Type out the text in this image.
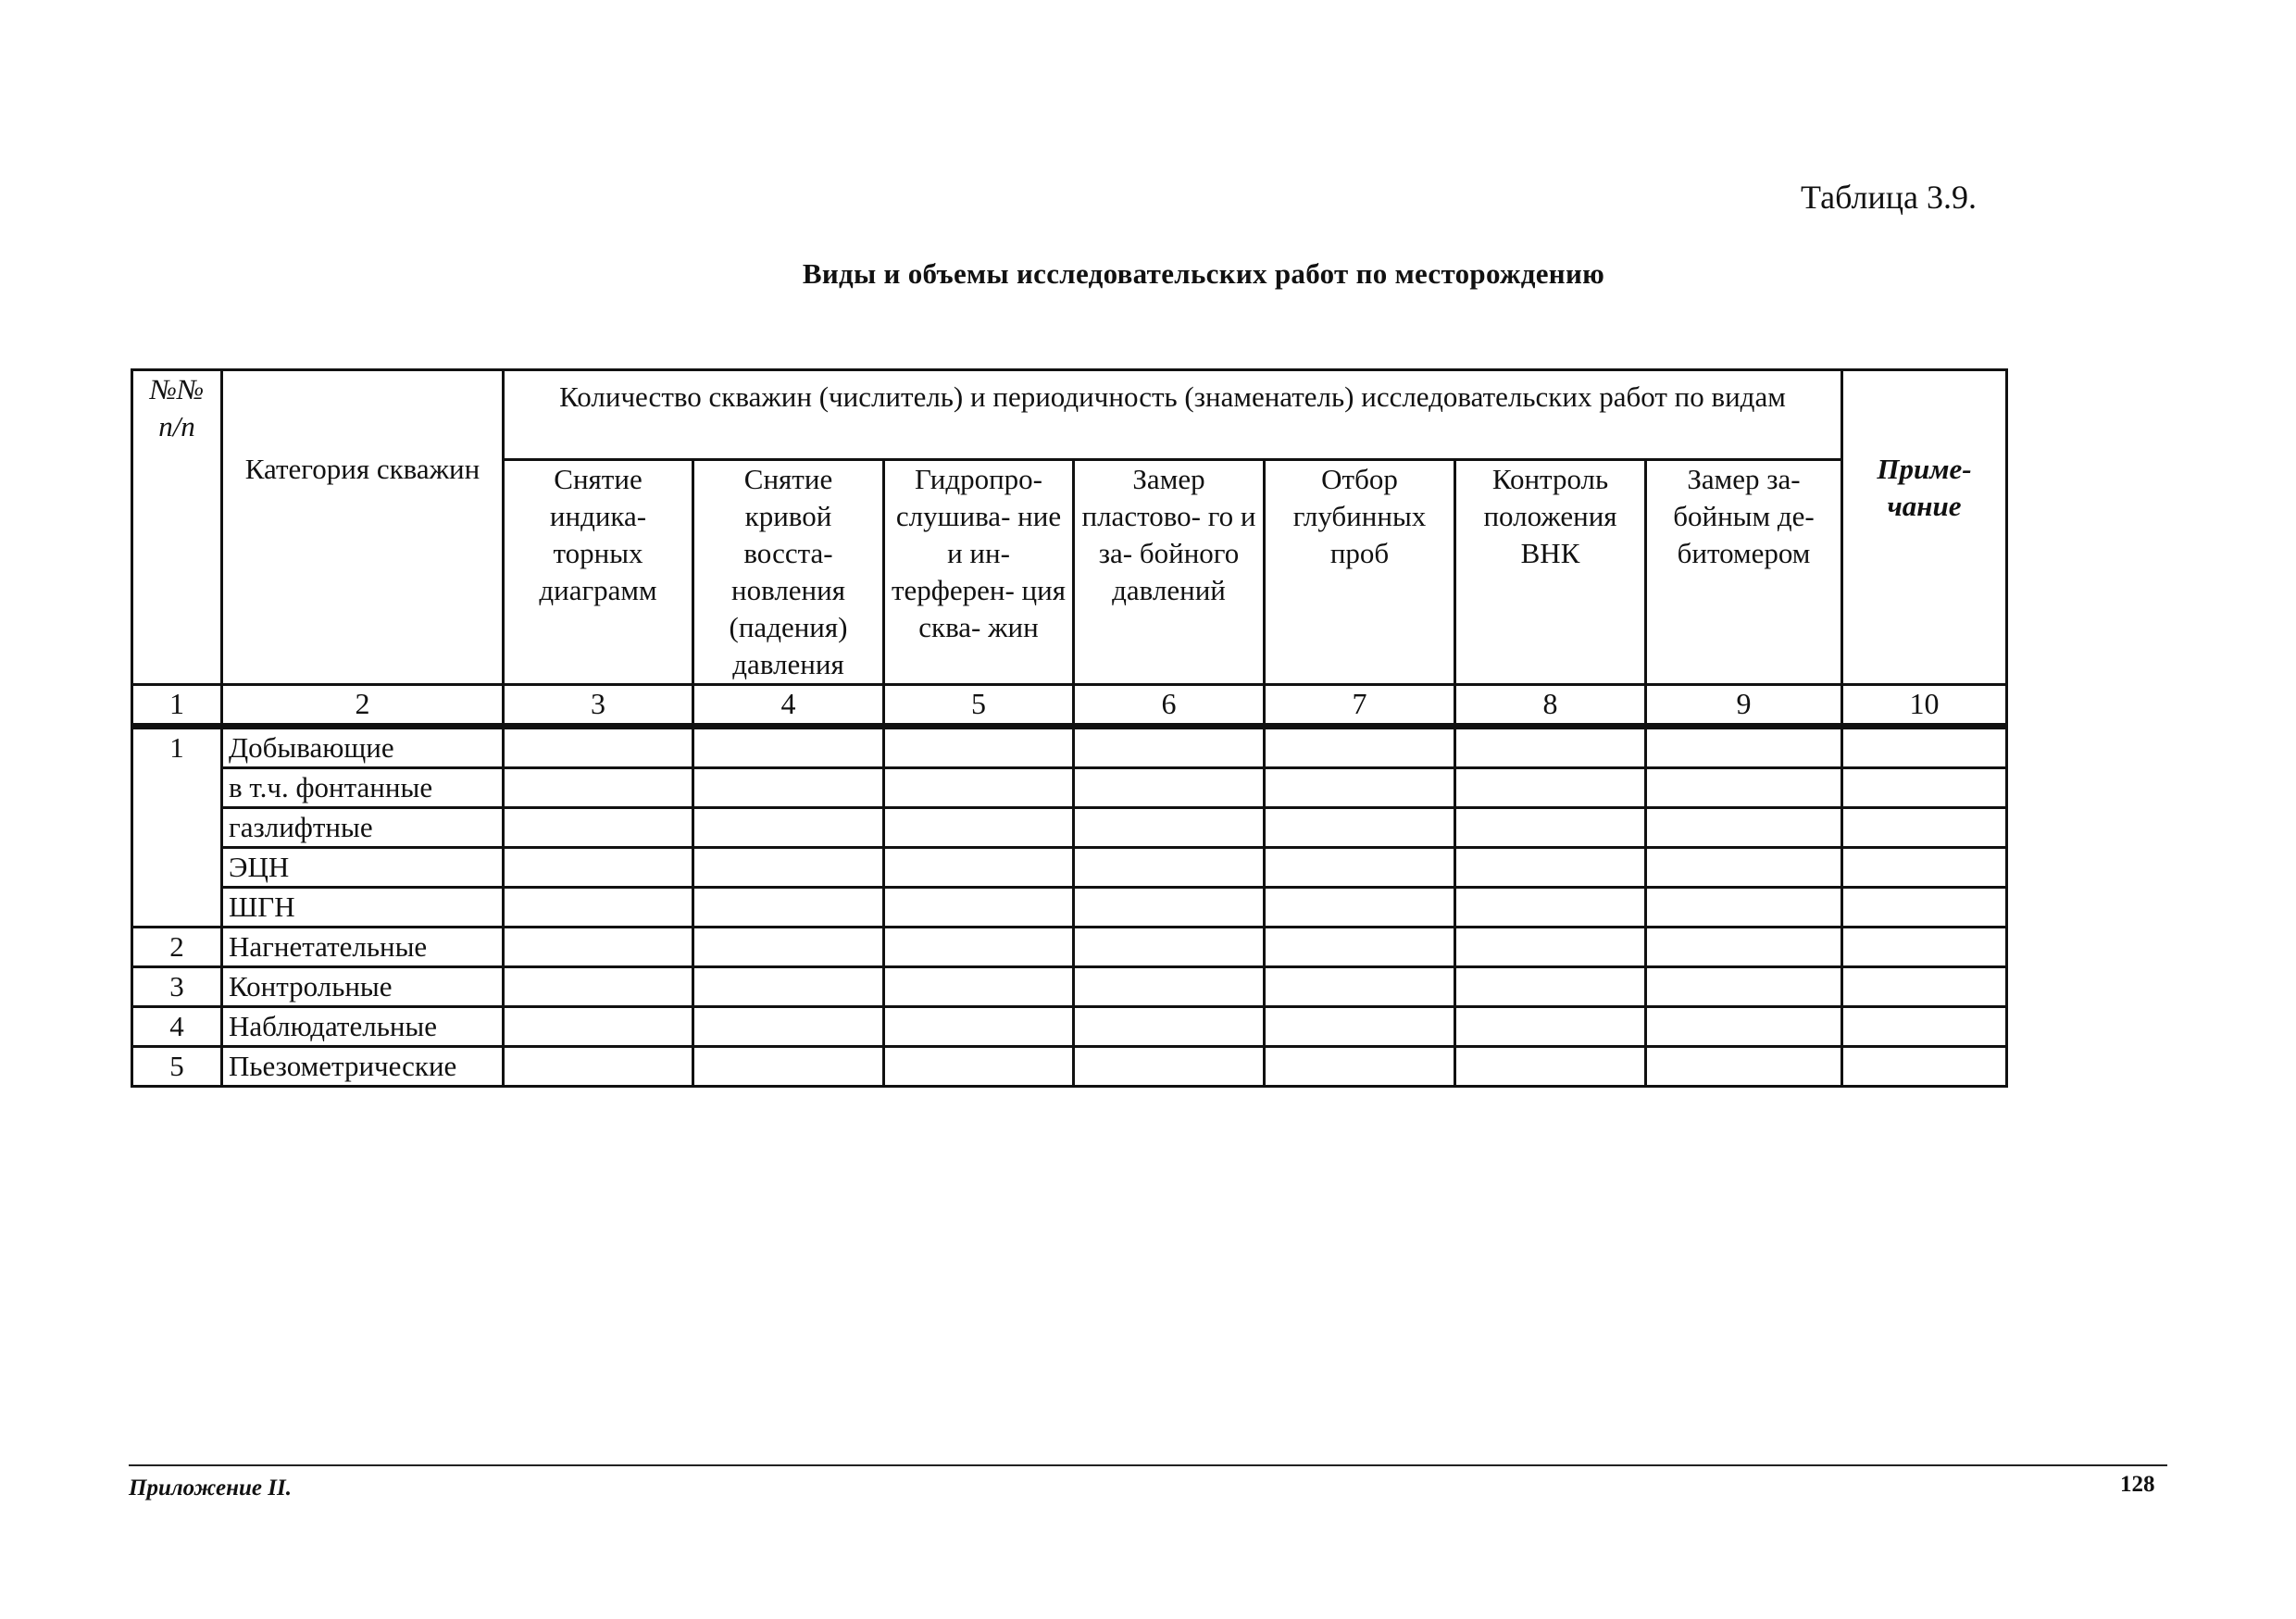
Таблица 3.9.
Виды и объемы исследовательских работ по месторождению
№№ п/п	Категория скважин	Количество скважин (числитель) и периодичность (знаменатель) исследовательских работ по видам							Приме- чание
		Снятие индика- торных диаграмм	Снятие кривой восста- новления (падения) давления	Гидропро- слушива- ние и ин- терферен- ция сква- жин	Замер пластово- го и за- бойного давлений	Отбор глубинных проб	Контроль положения ВНК	Замер за- бойным де- битомером	
1	2	3	4	5	6	7	8	9	10
1	Добывающие								
	в т.ч. фонтанные								
	газлифтные								
	ЭЦН								
	ШГН								
2	Нагнетательные								
3	Контрольные								
4	Наблюдательные								
5	Пьезометрические								
Приложение II.	128
